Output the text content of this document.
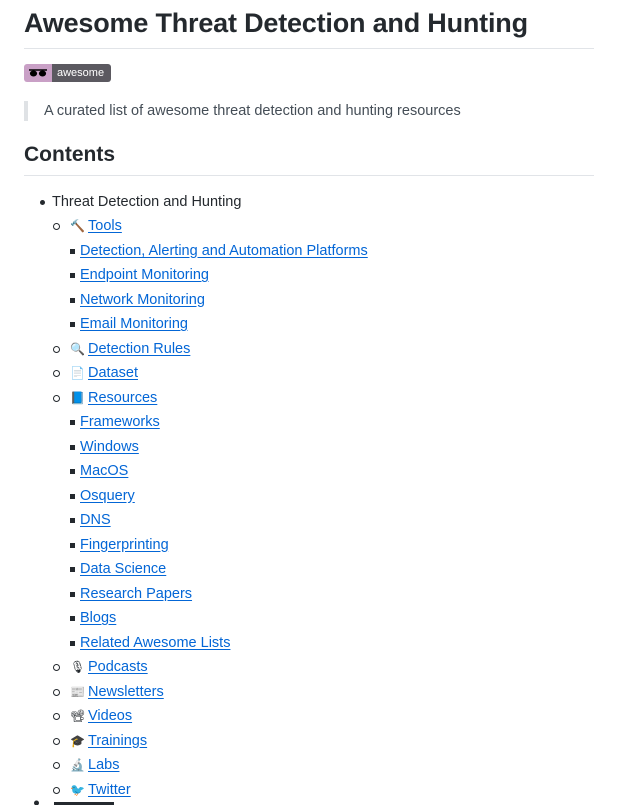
Awesome Threat Detection and Hunting
awesome
A curated list of awesome threat detection and hunting resources
Contents
Threat Detection and Hunting
🔨 Tools
Detection, Alerting and Automation Platforms
Endpoint Monitoring
Network Monitoring
Email Monitoring
🔍 Detection Rules
📄 Dataset
📘 Resources
Frameworks
Windows
MacOS
Osquery
DNS
Fingerprinting
Data Science
Research Papers
Blogs
Related Awesome Lists
🎙 Podcasts
📰 Newsletters
📽 Videos
🎓 Trainings
🔬 Labs
🐦 Twitter
